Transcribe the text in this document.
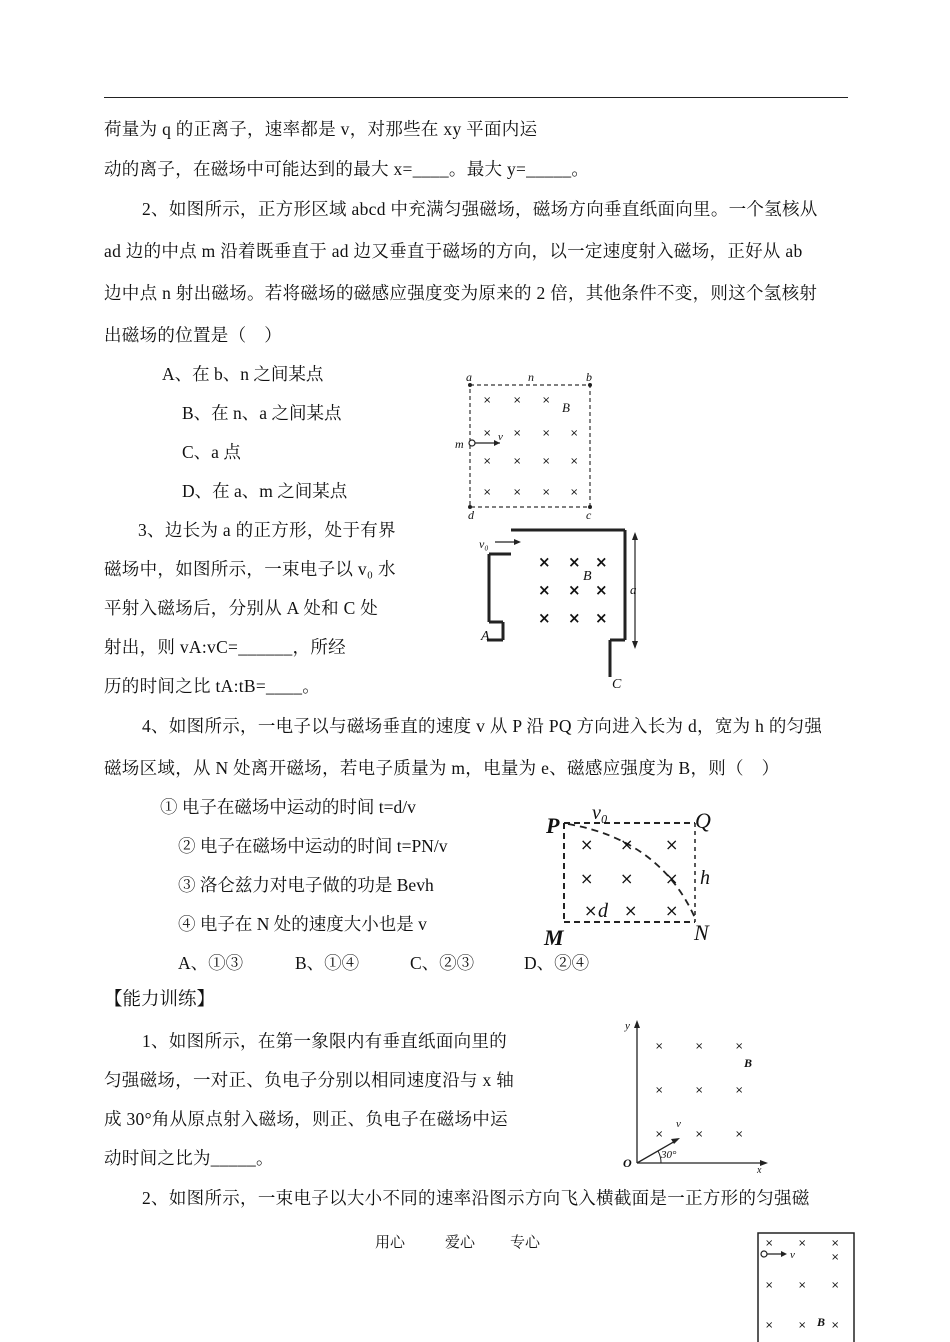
荷量为 q 的正离子，速率都是 v，对那些在 xy 平面内运
动的离子，在磁场中可能达到的最大 x=____。最大 y=_____。
2、如图所示，正方形区域 abcd 中充满匀强磁场，磁场方向垂直纸面向里。一个氢核从
ad 边的中点 m 沿着既垂直于 ad 边又垂直于磁场的方向，以一定速度射入磁场，正好从 ab
边中点 n 射出磁场。若将磁场的磁感应强度变为原来的 2 倍，其他条件不变，则这个氢核射
出磁场的位置是（　）
A、在 b、n 之间某点
B、在 n、a 之间某点
C、a 点
D、在 a、m 之间某点
3、边长为 a 的正方形，处于有界
磁场中，如图所示，一束电子以 v₀ 水
平射入磁场后，分别从 A 处和 C 处
射出，则 vA:vC=______，所经
历的时间之比 tA:tB=____。
4、如图所示，一电子以与磁场垂直的速度 v 从 P 沿 PQ 方向进入长为 d，宽为 h 的匀强
磁场区域，从 N 处离开磁场，若电子质量为 m，电量为 e、磁感应强度为 B，则（　）
① 电子在磁场中运动的时间 t=d/v
② 电子在磁场中运动的时间 t=PN/v
③ 洛仑兹力对电子做的功是 Bevh
④ 电子在 N 处的速度大小也是 v
A、①③	B、①④	C、②③	D、②④
【能力训练】
1、如图所示，在第一象限内有垂直纸面向里的
匀强磁场，一对正、负电子分别以相同速度沿与 x 轴
成 30°角从原点射入磁场，则正、负电子在磁场中运
动时间之比为_____。
2、如图所示，一束电子以大小不同的速率沿图示方向飞入横截面是一正方形的匀强磁
用心	爱心 专心
× × ×
× × × ×
× × × ×
× × × ×
a	n	b
B
m	v
d	c
× × ×
× × ×
× × ×
v₀
B
a
A
C
× × ×
× × ×
× × ×
P v₀	Q
h
d
M	N
×	×	×
×	×	×
×	×	×
y
B
v
O
30°
x
× × ×
×
× × ×
× × ×
v
B
